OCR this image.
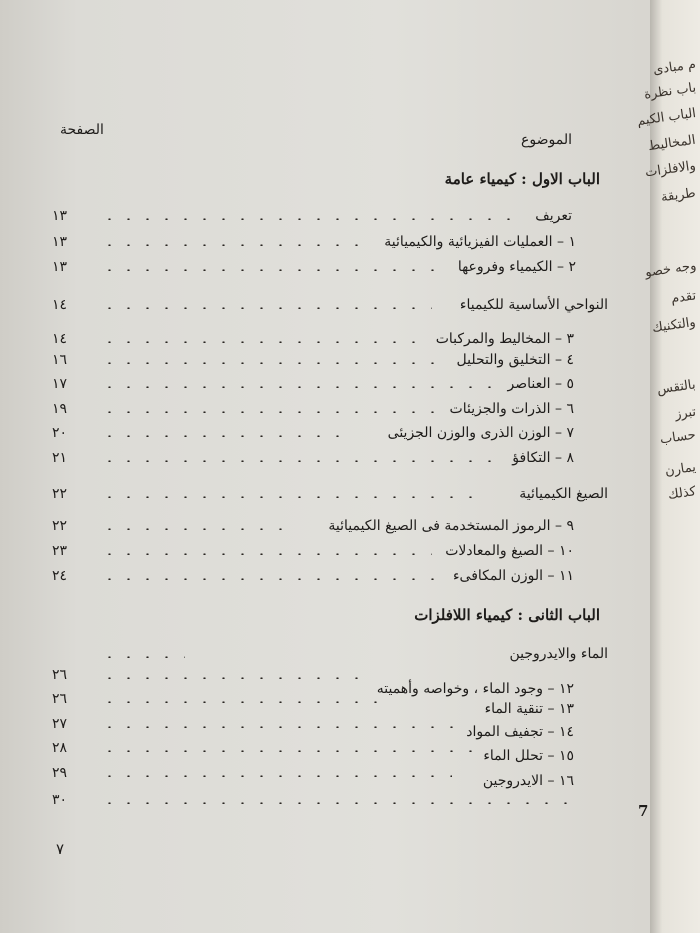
الموضوع
الصفحة
الباب الاول : كيمياء عامة
تعريف
١٣
١ – العمليات الفيزيائية والكيميائية
١٣
٢ – الكيمياء وفروعها
١٣
النواحي الأساسية للكيمياء
١٤
٣ – المخاليط والمركبات
١٤
٤ – التخليق والتحليل
١٦
٥ – العناصر
١٧
٦ – الذرات والجزيئات
١٩
٧ – الوزن الذرى والوزن الجزيئى
٢٠
٨ – التكافؤ
٢١
الصيغ الكيميائية
٢٢
٩ – الرموز المستخدمة فى الصيغ الكيميائية
٢٢
١٠ – الصيغ والمعادلات
٢٣
١١ – الوزن المكافىء
٢٤
الباب الثانى : كيمياء اللافلزات
الماء والايدروجين
١٢ – وجود الماء ، وخواصه وأهميته
٢٦
١٣ – تنقية الماء
٢٦
١٤ – تجفيف المواد
٢٧
١٥ – تحلل الماء
٢٨
١٦ – الايدروجين
٢٩
٣٠
٧
7
م مبادى
باب نظرة
الباب الكيم
المخاليط
والافلزات
طريقة
وجه خصو
تقدم
والتكنيك
بالتقس
تبرز
حساب
يمارن
كذلك
